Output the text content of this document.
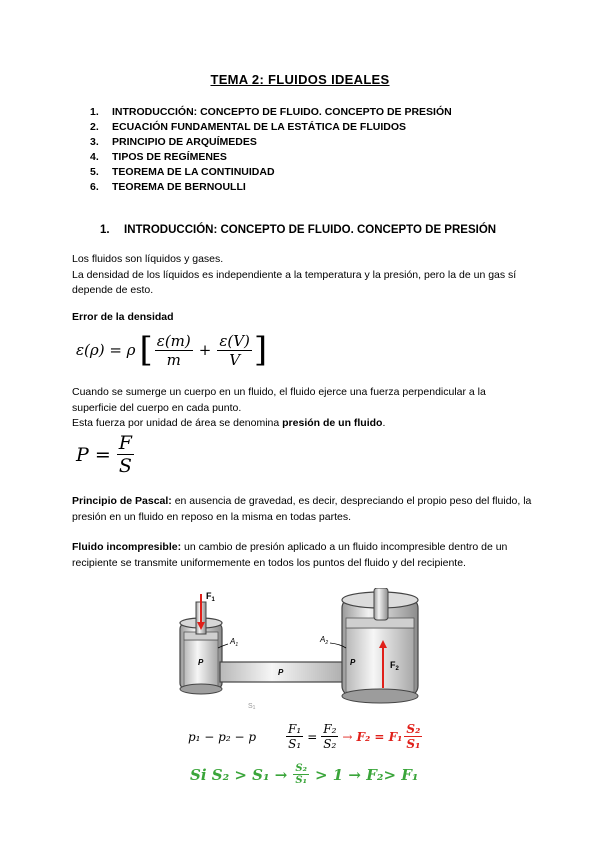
TEMA 2: FLUIDOS IDEALES
1. INTRODUCCIÓN: CONCEPTO DE FLUIDO. CONCEPTO DE PRESIÓN
2. ECUACIÓN FUNDAMENTAL DE LA ESTÁTICA DE FLUIDOS
3. PRINCIPIO DE ARQUÍMEDES
4. TIPOS DE REGÍMENES
5. TEOREMA DE LA CONTINUIDAD
6. TEOREMA DE BERNOULLI
1. INTRODUCCIÓN: CONCEPTO DE FLUIDO. CONCEPTO DE PRESIÓN
Los fluidos son líquidos y gases.
La densidad de los líquidos es independiente a la temperatura y la presión, pero la de un gas sí depende de esto.
Error de la densidad
ε(ρ) = ρ [ $\frac{\varepsilon(m)}{m} + \frac{\varepsilon(V)}{V}$ ]
Cuando se sumerge un cuerpo en un fluido, el fluido ejerce una fuerza perpendicular a la superficie del cuerpo en cada punto.
Esta fuerza por unidad de área se denomina presión de un fluido.
$P = \frac{F}{S}$
Principio de Pascal: en ausencia de gravedad, es decir, despreciando el propio peso del fluido, la presión en un fluido en reposo en la misma en todas partes.
Fluido incompresible: un cambio de presión aplicado a un fluido incompresible dentro de un recipiente se transmite uniformemente en todos los puntos del fluido y del recipiente.
$F_1$
$F_2$
$A_1$
$A_2$
P
P
P
S1
p₁ − p₂ − p	$\frac{\text{F₁}}{\text{S₁}} = \frac{\text{F₂}}{\text{S₂}} \to F_2 = F_1 \frac{\text{S₂}}{\text{S₁}}$
Si $S_2 > S_1 \to \frac{\text{S₂}}{\text{S₁}} > 1 \to F_2> F_1$
